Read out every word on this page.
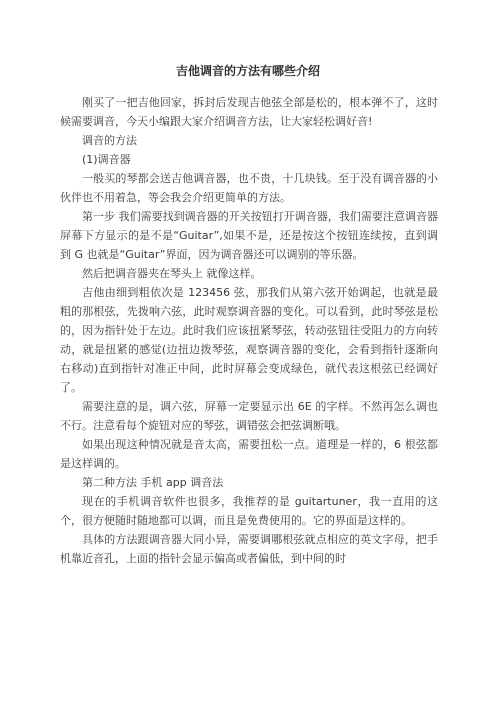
吉他调音的方法有哪些介绍

刚买了一把吉他回家，拆封后发现吉他弦全部是松的，根本弹不了，这时候需要调音，今天小编跟大家介绍调音方法，让大家轻松调好音!

调音的方法

(1)调音器

一般买的琴都会送吉他调音器，也不贵，十几块钱。至于没有调音器的小伙伴也不用着急，等会我会介绍更简单的方法。

第一步 我们需要找到调音器的开关按钮打开调音器，我们需要注意调音器屏幕下方显示的是不是“Guitar”,如果不是，还是按这个按钮连续按，直到调到 G 也就是“Guitar”界面，因为调音器还可以调别的等乐器。

然后把调音器夹在琴头上 就像这样。

吉他由细到粗依次是 123456 弦，那我们从第六弦开始调起，也就是最粗的那根弦，先拨响六弦，此时观察调音器的变化。可以看到，此时琴弦是松的，因为指针处于左边。此时我们应该扭紧琴弦，转动弦钮往受阻力的方向转动，就是扭紧的感觉(边扭边拨琴弦，观察调音器的变化，会看到指针逐渐向右移动)直到指针对准正中间，此时屏幕会变成绿色，就代表这根弦已经调好了。

需要注意的是，调六弦，屏幕一定要显示出 6E 的字样。不然再怎么调也不行。注意看每个旋钮对应的琴弦，调错弦会把弦调断哦。

如果出现这种情况就是音太高，需要扭松一点。道理是一样的，6 根弦都是这样调的。

第二种方法 手机 app 调音法

现在的手机调音软件也很多，我推荐的是 guitartuner，我一直用的这个，很方便随时随地都可以调，而且是免费使用的。它的界面是这样的。

具体的方法跟调音器大同小异，需要调哪根弦就点相应的英文字母，把手机靠近音孔，上面的指针会显示偏高或者偏低，到中间的时
